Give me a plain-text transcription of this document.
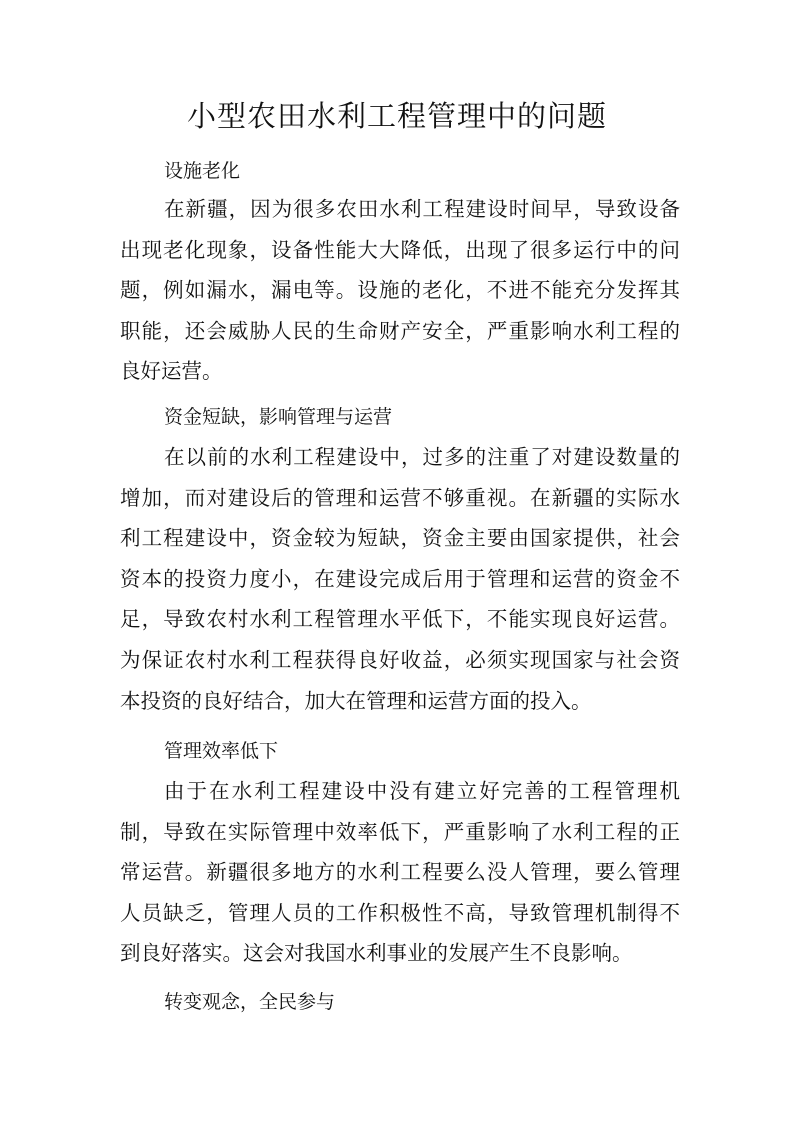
小型农田水利工程管理中的问题
设施老化
在新疆，因为很多农田水利工程建设时间早，导致设备
出现老化现象，设备性能大大降低，出现了很多运行中的问
题，例如漏水，漏电等。设施的老化，不进不能充分发挥其
职能，还会威胁人民的生命财产安全，严重影响水利工程的
良好运营。
资金短缺，影响管理与运营
在以前的水利工程建设中，过多的注重了对建设数量的
增加，而对建设后的管理和运营不够重视。在新疆的实际水
利工程建设中，资金较为短缺，资金主要由国家提供，社会
资本的投资力度小，在建设完成后用于管理和运营的资金不
足，导致农村水利工程管理水平低下，不能实现良好运营。
为保证农村水利工程获得良好收益，必须实现国家与社会资
本投资的良好结合，加大在管理和运营方面的投入。
管理效率低下
由于在水利工程建设中没有建立好完善的工程管理机
制，导致在实际管理中效率低下，严重影响了水利工程的正
常运营。新疆很多地方的水利工程要么没人管理，要么管理
人员缺乏，管理人员的工作积极性不高，导致管理机制得不
到良好落实。这会对我国水利事业的发展产生不良影响。
转变观念，全民参与
